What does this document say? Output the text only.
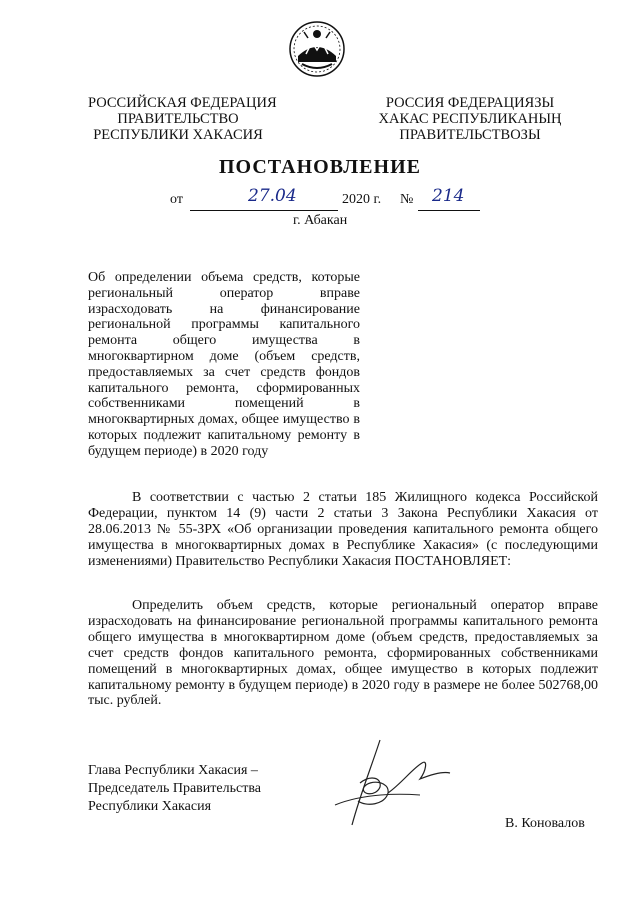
РОССИЙСКАЯ ФЕДЕРАЦИЯ
ПРАВИТЕЛЬСТВО
РЕСПУБЛИКИ ХАКАСИЯ
РОССИЯ ФЕДЕРАЦИЯЗЫ
ХАКАС РЕСПУБЛИКАНЫҢ
ПРАВИТЕЛЬСТВОЗЫ
ПОСТАНОВЛЕНИЕ
от	27.04	2020 г. № 214
г. Абакан
Об определении объема средств, которые региональный оператор вправе израсходовать на финансирование региональной программы капитального ремонта общего имущества в многоквартирном доме (объем средств, предоставляемых за счет средств фондов капитального ремонта, сформированных собственниками помещений в многоквартирных домах, общее имущество в которых подлежит капитальному ремонту в будущем периоде) в 2020 году

В соответствии с частью 2 статьи 185 Жилищного кодекса Российской Федерации, пунктом 14 (9) части 2 статьи 3 Закона Республики Хакасия от 28.06.2013 № 55-ЗРХ «Об организации проведения капитального ремонта общего имущества в многоквартирных домах в Республике Хакасия» (с последующими изменениями) Правительство Республики Хакасия ПОСТАНОВЛЯЕТ:

Определить объем средств, которые региональный оператор вправе израсходовать на финансирование региональной программы капитального ремонта общего имущества в многоквартирном доме (объем средств, предоставляемых за счет средств фондов капитального ремонта, сформированных собственниками помещений в многоквартирных домах, общее имущество в которых подлежит капитальному ремонту в будущем периоде) в 2020 году в размере не более 502768,00 тыс. рублей.

Глава Республики Хакасия –
Председатель Правительства
Республики Хакасия
В. Коновалов
